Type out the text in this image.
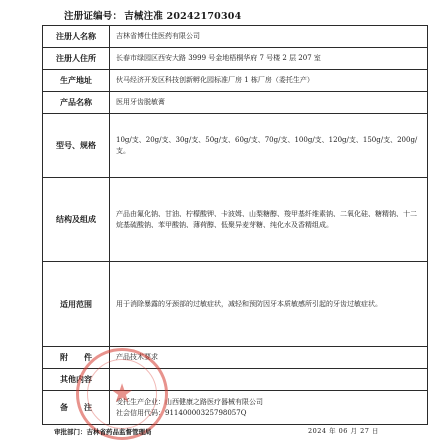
注册证编号： 吉械注准 20242170304
注册人名称	吉林省博仕佳医药有限公司
注册人住所	长春市绿园区西安大路 3999 号金地梧桐华府 7 号楼 2 层 207 室
生产地址	伙马经济开发区科技创新孵化园标准厂房 1 栋厂房（委托生产）
产品名称	医用牙齿脱敏膏
型号、规格	10g/支、20g/支、30g/支、50g/支、60g/支、70g/支、100g/支、120g/支、150g/支、200g/支。
结构及组成	产品由氟化钠、甘油、柠檬酸钾、卡波姆、山梨糖醇、羧甲基纤维素钠、二氧化硅、糖精钠、十二烷基硫酸钠、苯甲酸钠、薄荷醇、低聚异麦芽糖、纯化水及香精组成。
适用范围	用于消除暴露的牙颈部的过敏症状，减轻和预防因牙本质敏感所引起的牙齿过敏症状。
附　　件	产品技术要求
其他内容	
备　　注	受托生产企业：山西健康之路医疗器械有限公司
社会信用代码：91140000325798057Q
★
审批部门：吉林省药品监督管理局	2024 年 06 月 27 日
